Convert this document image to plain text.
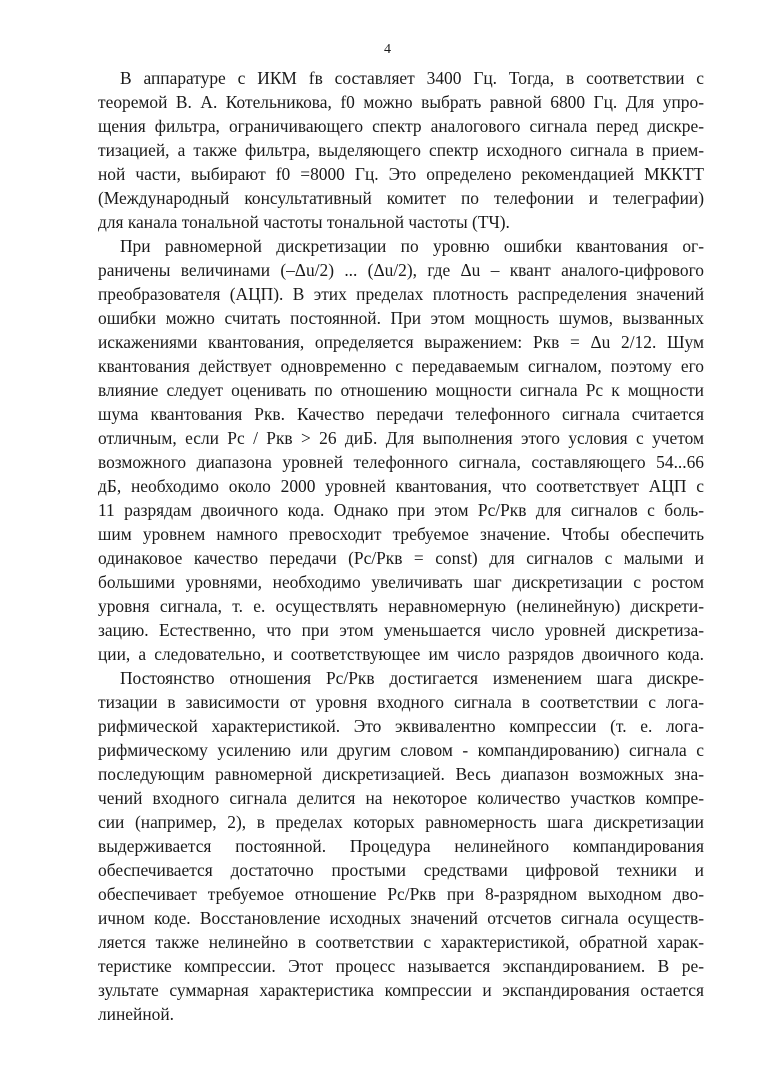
4
В аппаратуре с ИКМ fв составляет 3400 Гц. Тогда, в соответствии с
теоремой В. А. Котельникова, f0 можно выбрать равной 6800 Гц. Для упро-
щения фильтра, ограничивающего спектр аналогового сигнала перед дискре-
тизацией, а также фильтра, выделяющего спектр исходного сигнала в прием-
ной части, выбирают f0 =8000 Гц. Это определено рекомендацией МККТТ
(Международный консультативный комитет по телефонии и телеграфии)
для канала тональной частоты тональной частоты (ТЧ).
При равномерной дискретизации по уровню ошибки квантования ог-
раничены величинами (–Δu/2) ... (Δu/2), где Δu – квант аналого-цифрового
преобразователя (АЦП). В этих пределах плотность распределения значений
ошибки можно считать постоянной. При этом мощность шумов, вызванных
искажениями квантования, определяется выражением: Ркв = Δu 2/12. Шум
квантования действует одновременно с передаваемым сигналом, поэтому его
влияние следует оценивать по отношению мощности сигнала Рс к мощности
шума квантования Ркв. Качество передачи телефонного сигнала считается
отличным, если Рс / Ркв > 26 диБ. Для выполнения этого условия с учетом
возможного диапазона уровней телефонного сигнала, составляющего 54...66
дБ, необходимо около 2000 уровней квантования, что соответствует АЦП с
11 разрядам двоичного кода. Однако при этом Рс/Ркв для сигналов с боль-
шим уровнем намного превосходит требуемое значение. Чтобы обеспечить
одинаковое качество передачи (Рс/Ркв = const) для сигналов с малыми и
большими уровнями, необходимо увеличивать шаг дискретизации с ростом
уровня сигнала, т. е. осуществлять неравномерную (нелинейную) дискрети-
зацию. Естественно, что при этом уменьшается число уровней дискретиза-
ции, а следовательно, и соответствующее им число разрядов двоичного кода.
Постоянство отношения Рс/Ркв достигается изменением шага дискре-
тизации в зависимости от уровня входного сигнала в соответствии с лога-
рифмической характеристикой. Это эквивалентно компрессии (т. е. лога-
рифмическому усилению или другим словом - компандированию) сигнала с
последующим равномерной дискретизацией. Весь диапазон возможных зна-
чений входного сигнала делится на некоторое количество участков компре-
сии (например, 2), в пределах которых равномерность шага дискретизации
выдерживается постоянной. Процедура нелинейного компандирования
обеспечивается достаточно простыми средствами цифровой техники и
обеспечивает требуемое отношение Рс/Ркв при 8-разрядном выходном дво-
ичном коде. Восстановление исходных значений отсчетов сигнала осуществ-
ляется также нелинейно в соответствии с характеристикой, обратной харак-
теристике компрессии. Этот процесс называется экспандированием. В ре-
зультате суммарная характеристика компрессии и экспандирования остается
линейной.
